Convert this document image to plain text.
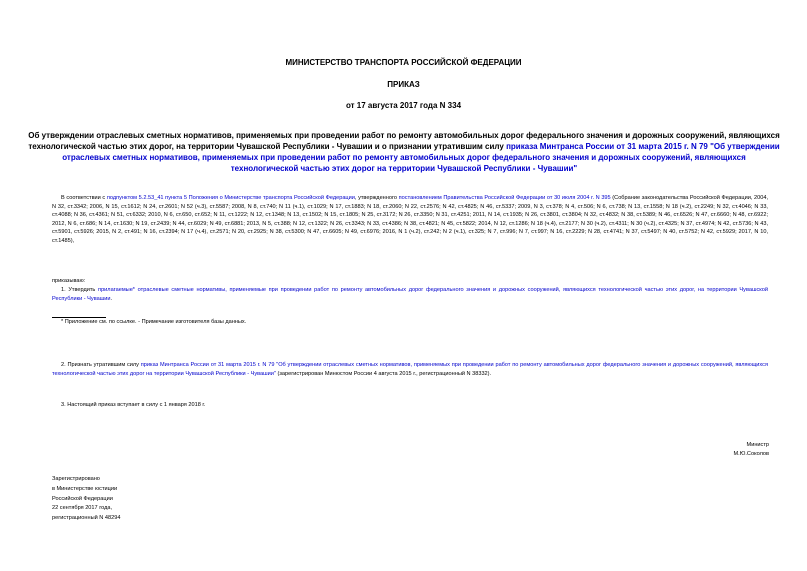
МИНИСТЕРСТВО ТРАНСПОРТА РОССИЙСКОЙ ФЕДЕРАЦИИ
ПРИКАЗ
от 17 августа 2017 года N 334
Об утверждении отраслевых сметных нормативов, применяемых при проведении работ по ремонту автомобильных дорог федерального значения и дорожных сооружений, являющихся технологической частью этих дорог, на территории Чувашской Республики - Чувашии и о признании утратившим силу приказа Минтранса России от 31 марта 2015 г. N 79 "Об утверждении отраслевых сметных нормативов, применяемых при проведении работ по ремонту автомобильных дорог федерального значения и дорожных сооружений, являющихся технологической частью этих дорог на территории Чувашской Республики - Чувашии"
В соответствии с подпунктом 5.2.53_41 пункта 5 Положения о Министерстве транспорта Российской Федерации, утвержденного постановлением Правительства Российской Федерации от 30 июля 2004 г. N 395 (Собрание законодательства Российской Федерации, 2004, N 32, ст.3342; 2006, N 15, ст.1612; N 24, ст.2601; N 52 (ч.3), ст.5587; 2008, N 8, ст.740; N 11 (ч.1), ст.1029; N 17, ст.1883; N 18, ст.2060; N 22, ст.2576; N 42, ст.4825; N 46, ст.5337; 2009, N 3, ст.378; N 4, ст.506; N 6, ст.738; N 13, ст.1558; N 18 (ч.2), ст.2249; N 32, ст.4046; N 33, ст.4088; N 36, ст.4361; N 51, ст.6332; 2010, N 6, ст.650, ст.652; N 11, ст.1222; N 12, ст.1348; N 13, ст.1502; N 15, ст.1805; N 25, ст.3172; N 26, ст.3350; N 31, ст.4251; 2011, N 14, ст.1935; N 26, ст.3801, ст.3804; N 32, ст.4832; N 38, ст.5389; N 46, ст.6526; N 47, ст.6660; N 48, ст.6922; 2012, N 6, ст.686; N 14, ст.1630; N 19, ст.2439; N 44, ст.6029; N 49, ст.6881; 2013, N 5, ст.388; N 12, ст.1322; N 26, ст.3343; N 33, ст.4386; N 38, ст.4821; N 45, ст.5822; 2014, N 12, ст.1286; N 18 (ч.4), ст.2177; N 30 (ч.2), ст.4311; N 30 (ч.2), ст.4325; N 37, ст.4974; N 42, ст.5736; N 43, ст.5901, ст.5926; 2015, N 2, ст.491; N 16, ст.2394; N 17 (ч.4), ст.2571; N 20, ст.2925; N 38, ст.5300; N 47, ст.6605; N 49, ст.6976; 2016, N 1 (ч.2), ст.242; N 2 (ч.1), ст.325; N 7, ст.996; N 7, ст.997; N 16, ст.2229; N 28, ст.4741; N 37, ст.5497; N 40, ст.5752; N 42, ст.5929; 2017, N 10, ст.1485),
приказываю:
1. Утвердить прилагаемые* отраслевые сметные нормативы, применяемые при проведении работ по ремонту автомобильных дорог федерального значения и дорожных сооружений, являющихся технологической частью этих дорог, на территории Чувашской Республики - Чувашии.
* Приложение см. по ссылке. - Примечание изготовителя базы данных.
2. Признать утратившим силу приказ Минтранса России от 31 марта 2015 г. N 79 "Об утверждении отраслевых сметных нормативов, применяемых при проведении работ по ремонту автомобильных дорог федерального значения и дорожных сооружений, являющихся технологической частью этих дорог на территории Чувашской Республики - Чувашии" (зарегистрирован Минюстом России 4 августа 2015 г., регистрационный N 38332).
3. Настоящий приказ вступает в силу с 1 января 2018 г.
Министр
М.Ю.Соколов
Зарегистрировано
в Министерстве юстиции
Российской Федерации
22 сентября 2017 года,
регистрационный N 48294
